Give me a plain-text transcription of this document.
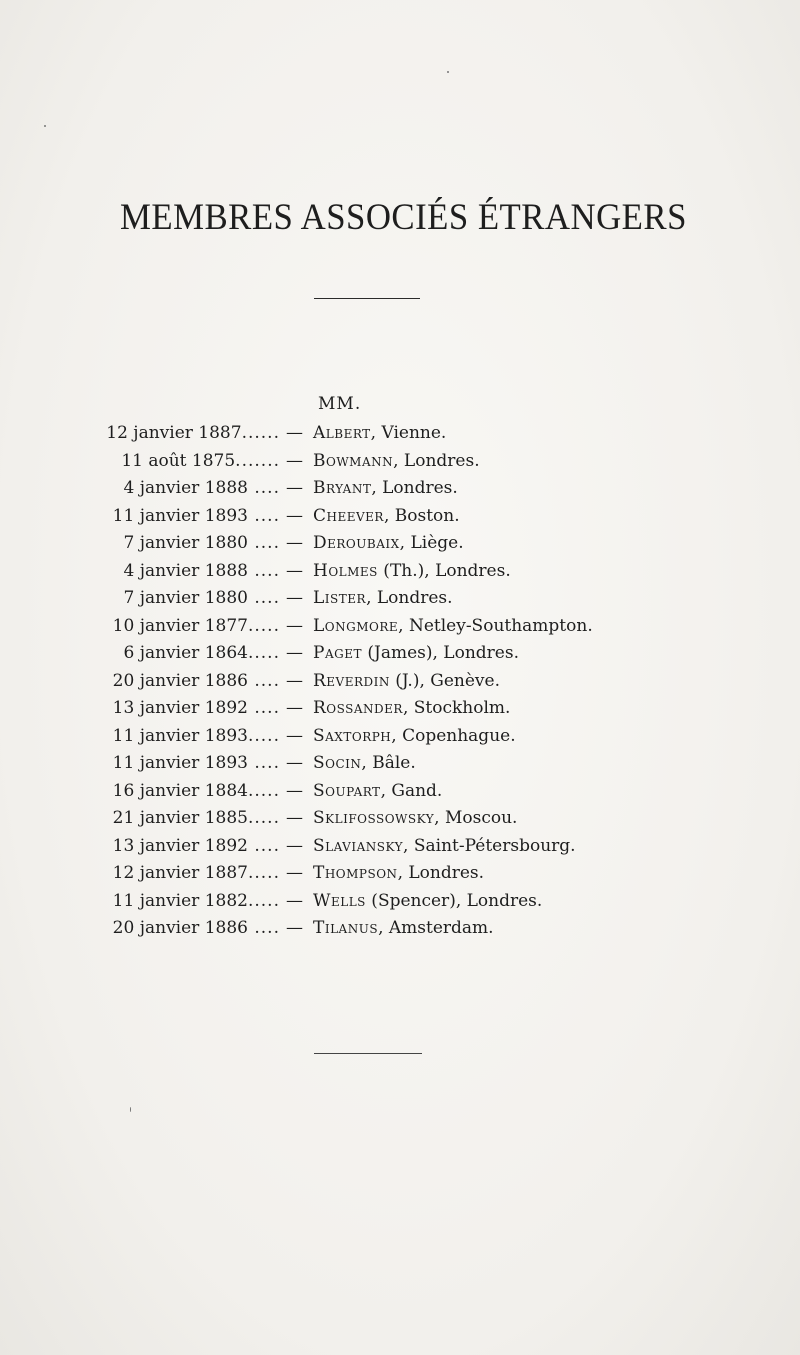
MEMBRES ASSOCIÉS ÉTRANGERS
MM.
12 janvier 1887...... — Albert, Vienne.
11 août 1875....... — Bowmann, Londres.
4 janvier 1888 .... — Bryant, Londres.
11 janvier 1893 .... — Cheever, Boston.
7 janvier 1880 .... — Deroubaix, Liège.
4 janvier 1888 .... — Holmes (Th.), Londres.
7 janvier 1880 .... — Lister, Londres.
10 janvier 1877..... — Longmore, Netley-Southampton.
6 janvier 1864..... — Paget (James), Londres.
20 janvier 1886 .... — Reverdin (J.), Genève.
13 janvier 1892 .... — Rossander, Stockholm.
11 janvier 1893..... — Saxtorph, Copenhague.
11 janvier 1893 .... — Socin, Bâle.
16 janvier 1884..... — Soupart, Gand.
21 janvier 1885..... — Sklifossowsky, Moscou.
13 janvier 1892 .... — Slaviansky, Saint-Pétersbourg.
12 janvier 1887..... — Thompson, Londres.
11 janvier 1882..... — Wells (Spencer), Londres.
20 janvier 1886 .... — Tilanus, Amsterdam.
